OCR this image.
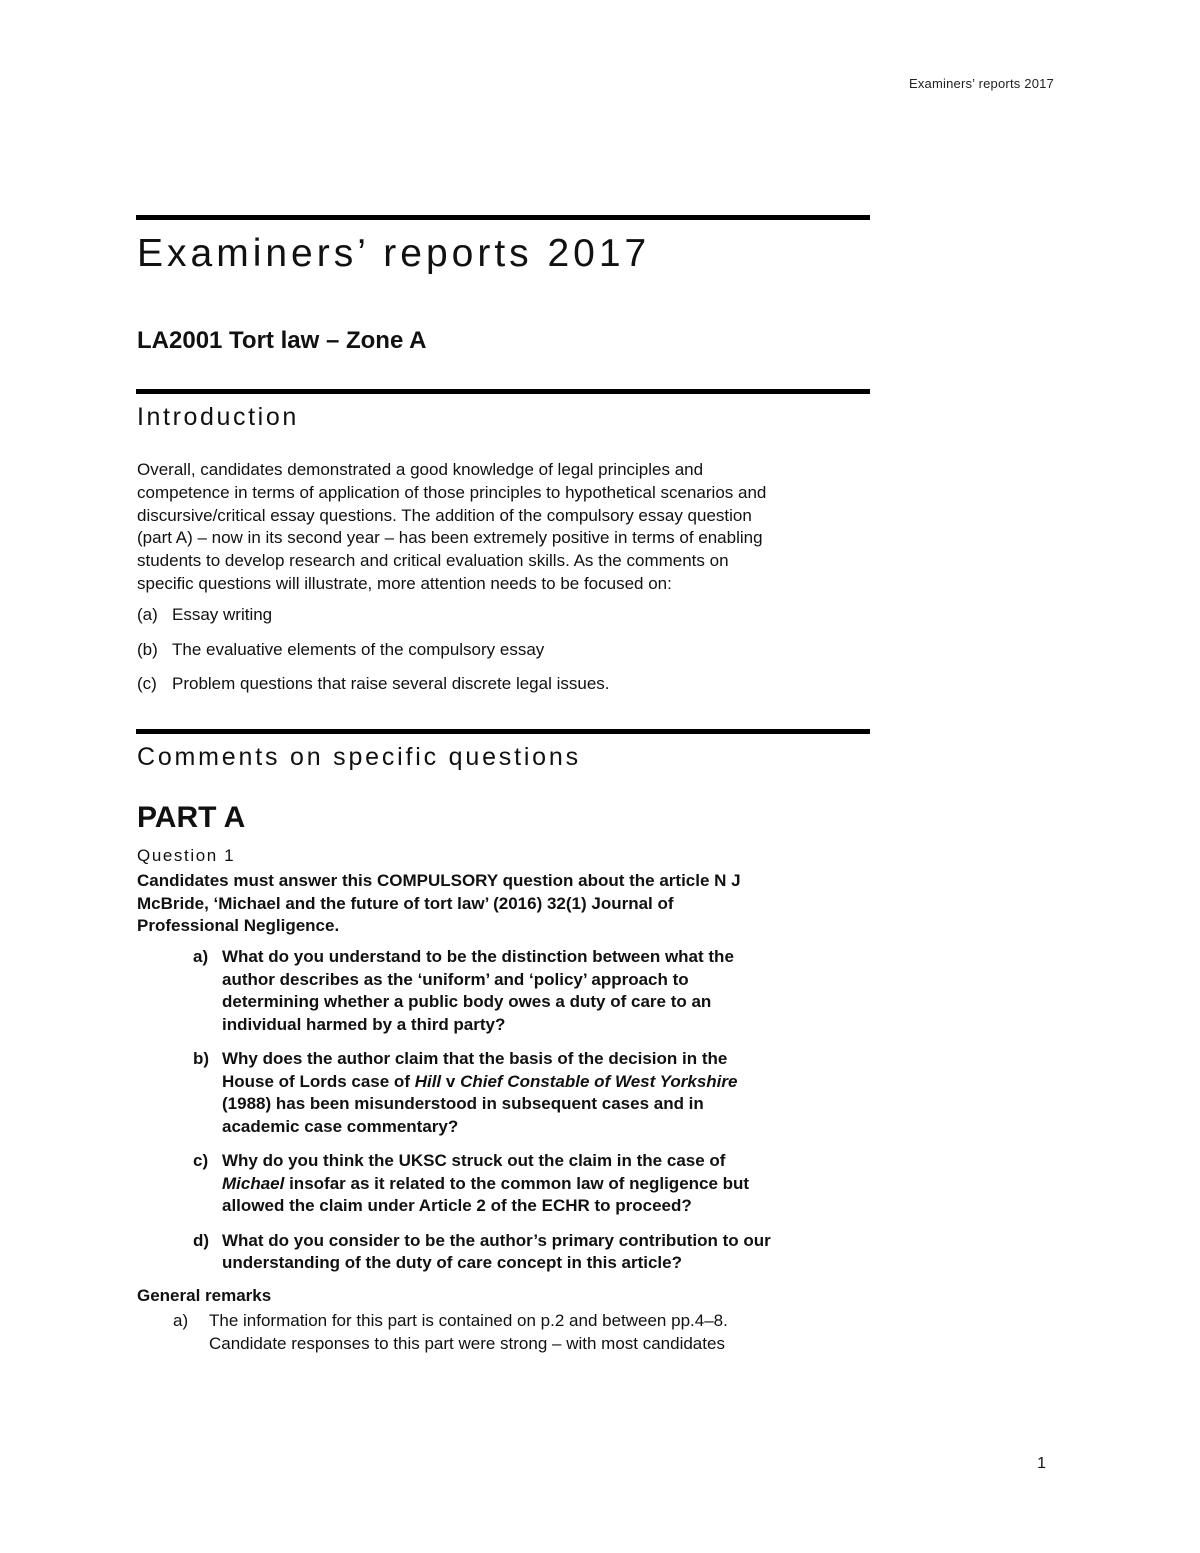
Examiners’ reports 2017
Examiners’ reports 2017
LA2001 Tort law – Zone A
Introduction

Overall, candidates demonstrated a good knowledge of legal principles and
competence in terms of application of those principles to hypothetical scenarios and
discursive/critical essay questions. The addition of the compulsory essay question
(part A) – now in its second year – has been extremely positive in terms of enabling
students to develop research and critical evaluation skills. As the comments on
specific questions will illustrate, more attention needs to be focused on:

(a) Essay writing
(b) The evaluative elements of the compulsory essay
(c) Problem questions that raise several discrete legal issues.
Comments on specific questions
PART A
Question 1

Candidates must answer this COMPULSORY question about the article N J
McBride, ‘Michael and the future of tort law’ (2016) 32(1) Journal of
Professional Negligence.

a) What do you understand to be the distinction between what the
author describes as the ‘uniform’ and ‘policy’ approach to
determining whether a public body owes a duty of care to an
individual harmed by a third party?
b) Why does the author claim that the basis of the decision in the
House of Lords case of Hill v Chief Constable of West Yorkshire
(1988) has been misunderstood in subsequent cases and in
academic case commentary?
c) Why do you think the UKSC struck out the claim in the case of
Michael insofar as it related to the common law of negligence but
allowed the claim under Article 2 of the ECHR to proceed?
d) What do you consider to be the author’s primary contribution to our
understanding of the duty of care concept in this article?
General remarks
a)	The information for this part is contained on p.2 and between pp.4–8.
Candidate responses to this part were strong – with most candidates
1
